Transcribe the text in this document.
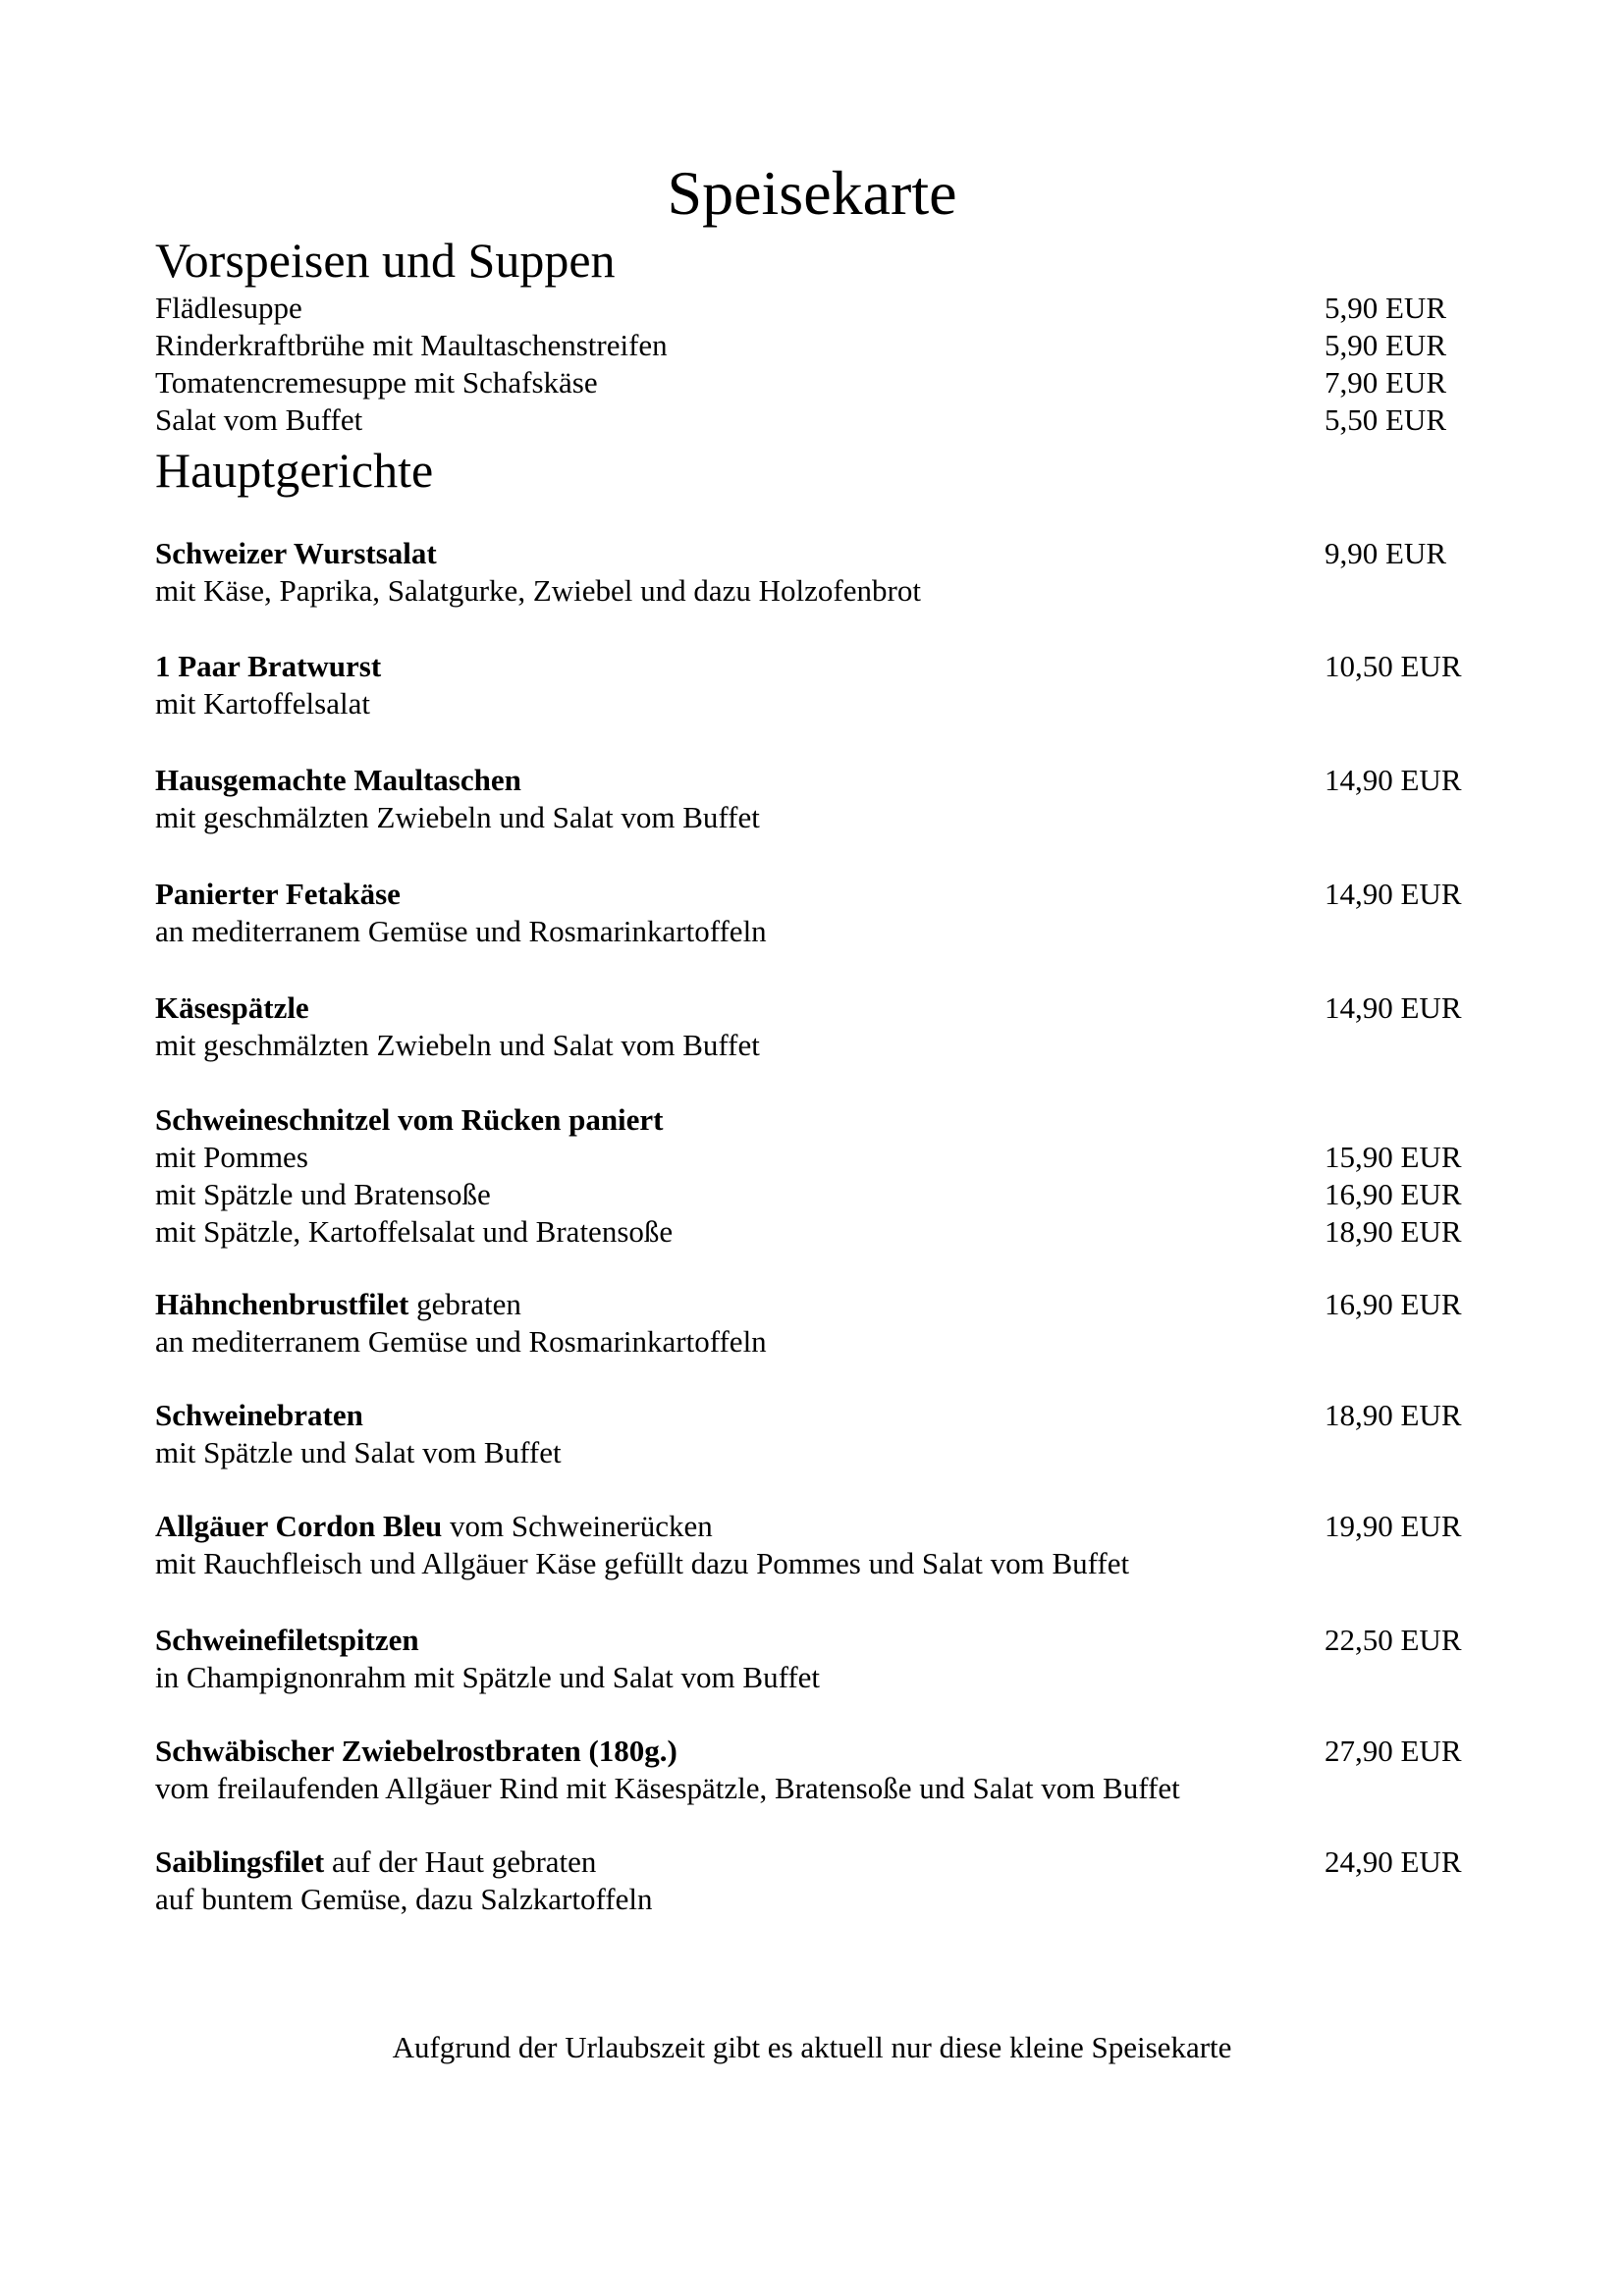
Speisekarte
Vorspeisen und Suppen
Flädlesuppe	5,90 EUR
Rinderkraftbrühe mit Maultaschenstreifen	5,90 EUR
Tomatencremesuppe mit Schafskäse	7,90 EUR
Salat vom Buffet	5,50 EUR
Hauptgerichte
Schweizer Wurstsalat	9,90 EUR
mit Käse, Paprika, Salatgurke, Zwiebel und dazu Holzofenbrot
1 Paar Bratwurst	10,50 EUR
mit Kartoffelsalat
Hausgemachte Maultaschen	14,90 EUR
mit geschmälzten Zwiebeln und Salat vom Buffet
Panierter Fetakäse	14,90 EUR
an mediterranem Gemüse und Rosmarinkartoffeln
Käsespätzle	14,90 EUR
mit geschmälzten Zwiebeln und Salat vom Buffet
Schweineschnitzel vom Rücken paniert
mit Pommes	15,90 EUR
mit Spätzle und Bratensoße	16,90 EUR
mit Spätzle, Kartoffelsalat und Bratensoße	18,90 EUR
Hähnchenbrustfilet gebraten	16,90 EUR
an mediterranem Gemüse und Rosmarinkartoffeln
Schweinebraten	18,90 EUR
mit Spätzle und Salat vom Buffet
Allgäuer Cordon Bleu vom Schweinerücken	19,90 EUR
mit Rauchfleisch und Allgäuer Käse gefüllt dazu Pommes und Salat vom Buffet
Schweinefiletspitzen	22,50 EUR
in Champignonrahm mit Spätzle und Salat vom Buffet
Schwäbischer Zwiebelrostbraten (180g.)	27,90 EUR
vom freilaufenden Allgäuer Rind mit Käsespätzle, Bratensoße und Salat vom Buffet
Saiblingsfilet auf der Haut gebraten	24,90 EUR
auf buntem Gemüse, dazu Salzkartoffeln
Aufgrund der Urlaubszeit gibt es aktuell nur diese kleine Speisekarte
